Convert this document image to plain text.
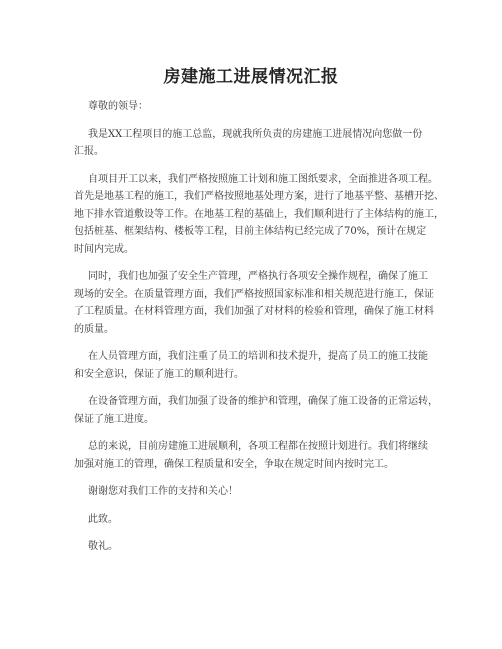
房建施工进展情况汇报

尊敬的领导：

我是XX工程项目的施工总监，现就我所负责的房建施工进展情况向您做一份
汇报。

自项目开工以来，我们严格按照施工计划和施工图纸要求，全面推进各项工程。
首先是地基工程的施工，我们严格按照地基处理方案，进行了地基平整、基槽开挖、
地下排水管道敷设等工作。在地基工程的基础上，我们顺利进行了主体结构的施工，
包括桩基、框架结构、楼板等工程，目前主体结构已经完成了70%，预计在规定
时间内完成。

同时，我们也加强了安全生产管理，严格执行各项安全操作规程，确保了施工
现场的安全。在质量管理方面，我们严格按照国家标准和相关规范进行施工，保证
了工程质量。在材料管理方面，我们加强了对材料的检验和管理，确保了施工材料
的质量。

在人员管理方面，我们注重了员工的培训和技术提升，提高了员工的施工技能
和安全意识，保证了施工的顺利进行。

在设备管理方面，我们加强了设备的维护和管理，确保了施工设备的正常运转，
保证了施工进度。

总的来说，目前房建施工进展顺利，各项工程都在按照计划进行。我们将继续
加强对施工的管理，确保工程质量和安全，争取在规定时间内按时完工。

谢谢您对我们工作的支持和关心！

此致。

敬礼。
